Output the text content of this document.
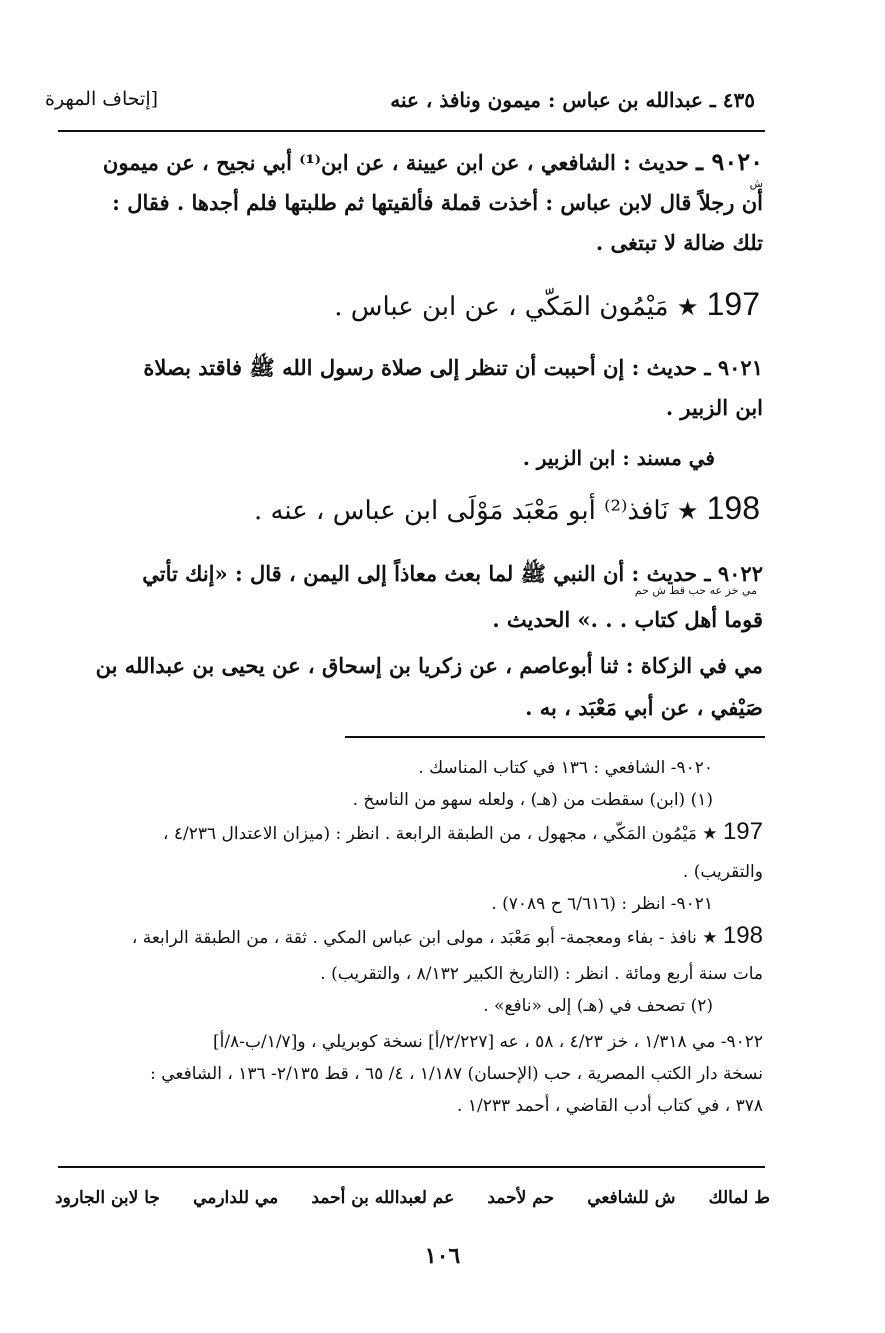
٤٣٥ ـ عبدالله بن عباس : ميمون ونافذ ، عنه
[إتحاف المهرة
٩٠٢٠ ـ حديث : الشافعي ، عن ابن عيينة ، عن ابن⁽¹⁾ أبي نجيح ، عن ميمون
أن رجلاً قال لابن عباس : أخذت قملة فألقيتها ثم طلبتها فلم أجدها . فقال :
تلك ضالة لا تبتغى .
ش
197 ★ مَيْمُون المَكّي ، عن ابن عباس .
٩٠٢١ ـ حديث : إن أحببت أن تنظر إلى صلاة رسول الله ﷺ فاقتد بصلاة
ابن الزبير .
في مسند : ابن الزبير .
198 ★ نَافذ⁽²⁾ أبو مَعْبَد مَوْلَى ابن عباس ، عنه .
٩٠٢٢ ـ حديث : أن النبي ﷺ لما بعث معاذاً إلى اليمن ، قال : «إنك تأتي
قوما أهل كتاب . . .» الحديث .
مي خز عه حب قط ش حم
مي في الزكاة : ثنا أبوعاصم ، عن زكريا بن إسحاق ، عن يحيى بن عبدالله بن
صَيْفي ، عن أبي مَعْبَد ، به .
٩٠٢٠- الشافعي : ١٣٦ في كتاب المناسك .
(١) (ابن) سقطت من (هـ) ، ولعله سهو من الناسخ .
197 ★ مَيْمُون المَكّي ، مجهول ، من الطبقة الرابعة . انظر : (ميزان الاعتدال ٤/٢٣٦ ،
والتقريب) .
٩٠٢١- انظر : (٦/٦١٦ ح ٧٠٨٩) .
198 ★ نافذ - بفاء ومعجمة- أبو مَعْبَد ، مولى ابن عباس المكي . ثقة ، من الطبقة الرابعة ،
مات سنة أربع ومائة . انظر : (التاريخ الكبير ٨/١٣٢ ، والتقريب) .
(٢) تصحف في (هـ) إلى «نافع» .
٩٠٢٢- مي ١/٣١٨ ، خز ٤/٢٣ ، ٥٨ ، عه [٢/٢٢٧/أ] نسخة كوبريلي ، و[١/٧/ب-٨/أ]
نسخة دار الكتب المصرية ، حب (الإحسان) ١/١٨٧ ، ٤/ ٦٥ ، قط ٢/١٣٥- ١٣٦ ، الشافعي :
٣٧٨ ، في كتاب أدب القاضي ، أحمد ١/٢٣٣ .
ط لمالك
ش للشافعي
حم لأحمد
عم لعبدالله بن أحمد
مي للدارمي
جا لابن الجارود
١٠٦
